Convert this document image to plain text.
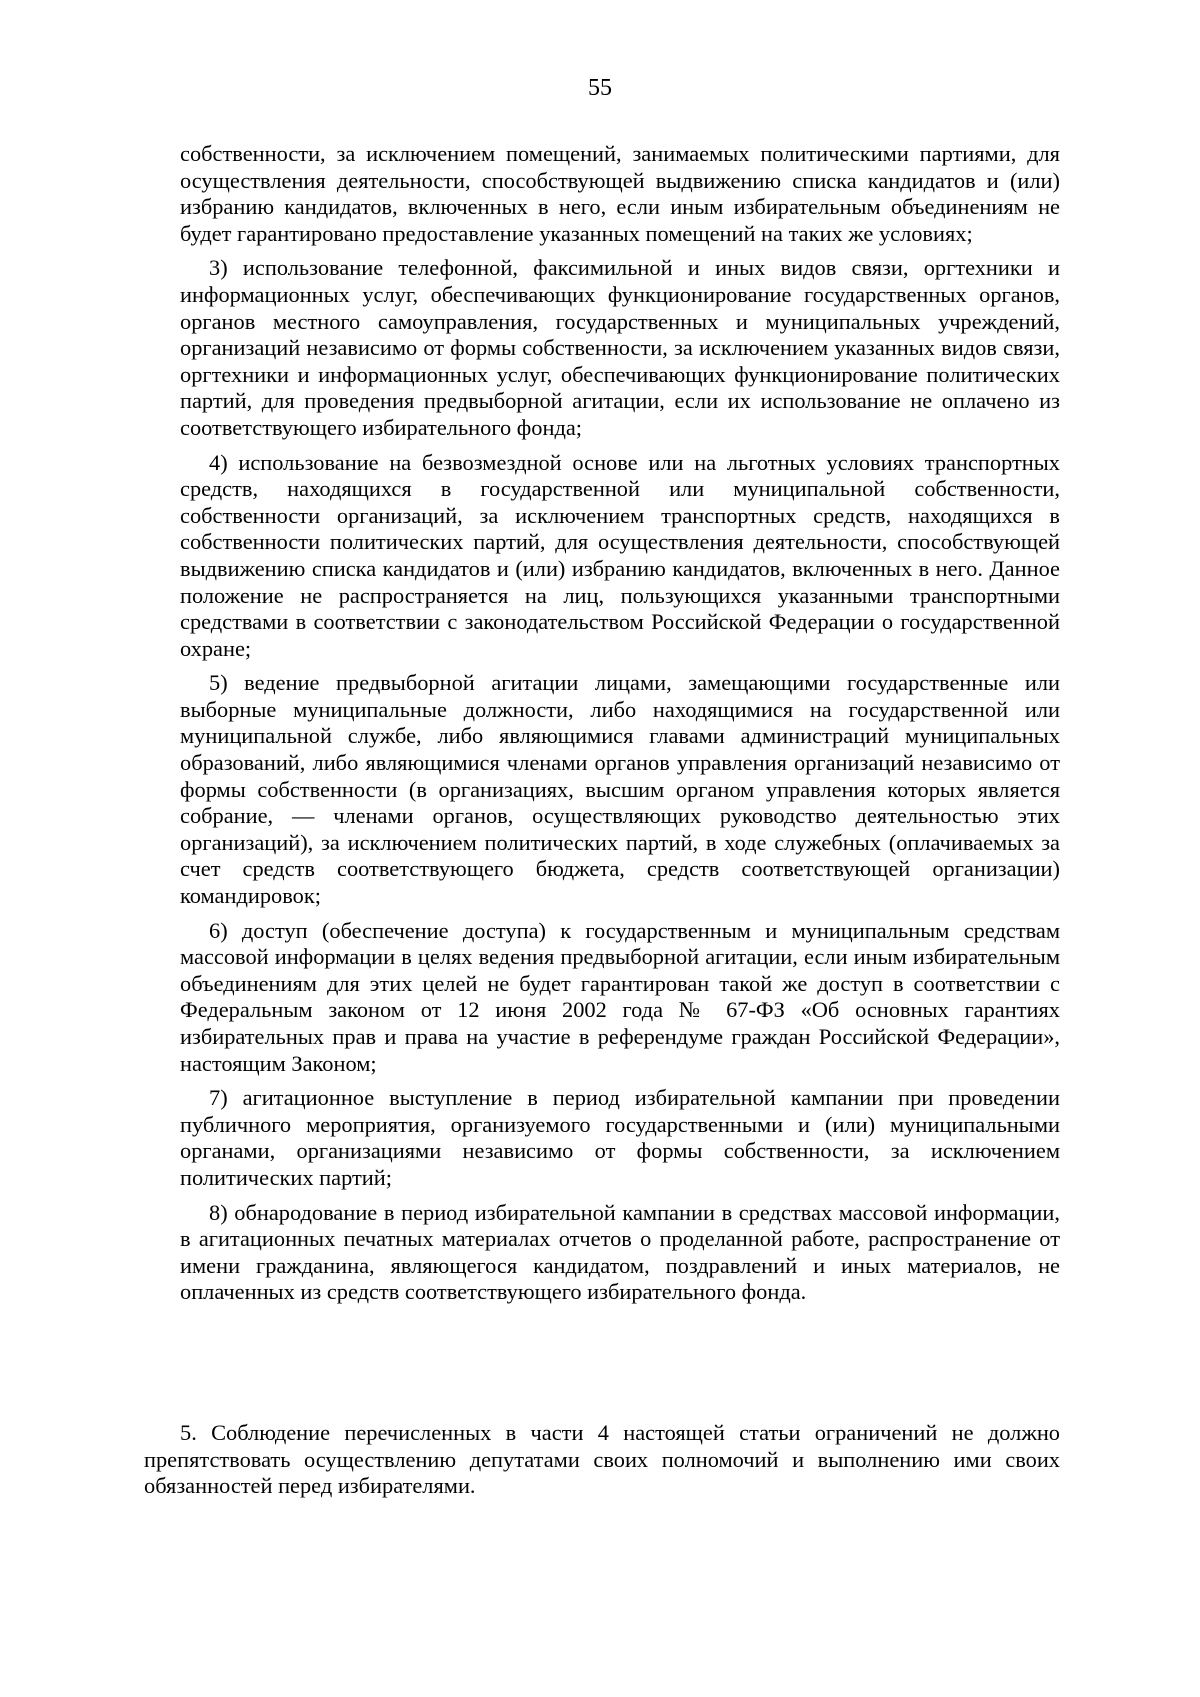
55

собственности, за исключением помещений, занимаемых политическими партиями, для осуществления деятельности, способствующей выдвижению списка кандидатов и (или) избранию кандидатов, включенных в него, если иным избирательным объединениям не будет гарантировано предоставление указанных помещений на таких же условиях;

3) использование телефонной, факсимильной и иных видов связи, оргтехники и информационных услуг, обеспечивающих функционирование государственных органов, органов местного самоуправления, государственных и муниципальных учреждений, организаций независимо от формы собственности, за исключением указанных видов связи, оргтехники и информационных услуг, обеспечивающих функционирование политических партий, для проведения предвыборной агитации, если их использование не оплачено из соответствующего избирательного фонда;

4) использование на безвозмездной основе или на льготных условиях транспортных средств, находящихся в государственной или муниципальной собственности, собственности организаций, за исключением транспортных средств, находящихся в собственности политических партий, для осуществления деятельности, способствующей выдвижению списка кандидатов и (или) избранию кандидатов, включенных в него. Данное положение не распространяется на лиц, пользующихся указанными транспортными средствами в соответствии с законодательством Российской Федерации о государственной охране;

5) ведение предвыборной агитации лицами, замещающими государственные или выборные муниципальные должности, либо находящимися на государственной или муниципальной службе, либо являющимися главами администраций муниципальных образований, либо являющимися членами органов управления организаций независимо от формы собственности (в организациях, высшим органом управления которых является собрание, — членами органов, осуществляющих руководство деятельностью этих организаций), за исключением политических партий, в ходе служебных (оплачиваемых за счет средств соответствующего бюджета, средств соответствующей организации) командировок;

6) доступ (обеспечение доступа) к государственным и муниципальным средствам массовой информации в целях ведения предвыборной агитации, если иным избирательным объединениям для этих целей не будет гарантирован такой же доступ в соответствии с Федеральным законом от 12 июня 2002 года № 67-ФЗ «Об основных гарантиях избирательных прав и права на участие в референдуме граждан Российской Федерации», настоящим Законом;

7) агитационное выступление в период избирательной кампании при проведении публичного мероприятия, организуемого государственными и (или) муниципальными органами, организациями независимо от формы собственности, за исключением политических партий;

8) обнародование в период избирательной кампании в средствах массовой информации, в агитационных печатных материалах отчетов о проделанной работе, распространение от имени гражданина, являющегося кандидатом, поздравлений и иных материалов, не оплаченных из средств соответствующего избирательного фонда.

5. Соблюдение перечисленных в части 4 настоящей статьи ограничений не должно препятствовать осуществлению депутатами своих полномочий и выполнению ими своих обязанностей перед избирателями.
